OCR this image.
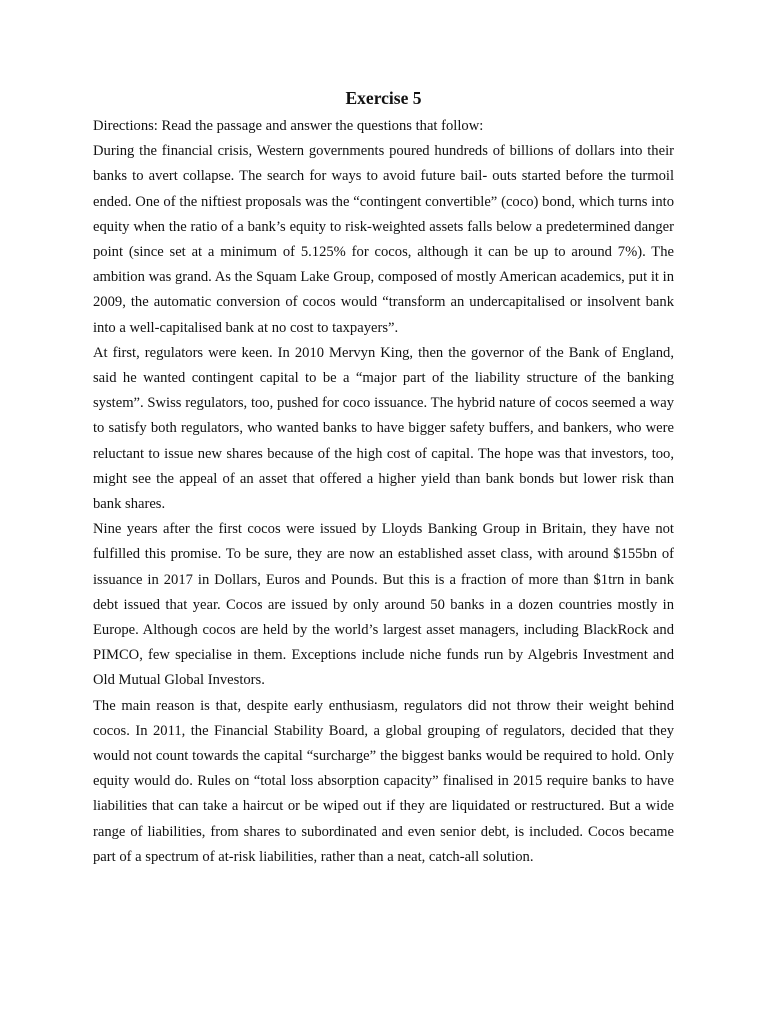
Exercise 5

Directions: Read the passage and answer the questions that follow:

During the financial crisis, Western governments poured hundreds of billions of dollars into their banks to avert collapse. The search for ways to avoid future bail- outs started before the turmoil ended. One of the niftiest proposals was the “contingent convertible” (coco) bond, which turns into equity when the ratio of a bank’s equity to risk-weighted assets falls below a predetermined danger point (since set at a minimum of 5.125% for cocos, although it can be up to around 7%). The ambition was grand. As the Squam Lake Group, composed of mostly American academics, put it in 2009, the automatic conversion of cocos would “transform an undercapitalised or insolvent bank into a well-capitalised bank at no cost to taxpayers”.

At first, regulators were keen. In 2010 Mervyn King, then the governor of the Bank of England, said he wanted contingent capital to be a “major part of the liability structure of the banking system”. Swiss regulators, too, pushed for coco issuance. The hybrid nature of cocos seemed a way to satisfy both regulators, who wanted banks to have bigger safety buffers, and bankers, who were reluctant to issue new shares because of the high cost of capital. The hope was that investors, too, might see the appeal of an asset that offered a higher yield than bank bonds but lower risk than bank shares.

Nine years after the first cocos were issued by Lloyds Banking Group in Britain, they have not fulfilled this promise. To be sure, they are now an established asset class, with around $155bn of issuance in 2017 in Dollars, Euros and Pounds. But this is a fraction of more than $1trn in bank debt issued that year. Cocos are issued by only around 50 banks in a dozen countries mostly in Europe. Although cocos are held by the world’s largest asset managers, including BlackRock and PIMCO, few specialise in them. Exceptions include niche funds run by Algebris Investment and Old Mutual Global Investors.

The main reason is that, despite early enthusiasm, regulators did not throw their weight behind cocos. In 2011, the Financial Stability Board, a global grouping of regulators, decided that they would not count towards the capital “surcharge” the biggest banks would be required to hold. Only equity would do. Rules on “total loss absorption capacity” finalised in 2015 require banks to have liabilities that can take a haircut or be wiped out if they are liquidated or restructured. But a wide range of liabilities, from shares to subordinated and even senior debt, is included. Cocos became part of a spectrum of at-risk liabilities, rather than a neat, catch-all solution.
